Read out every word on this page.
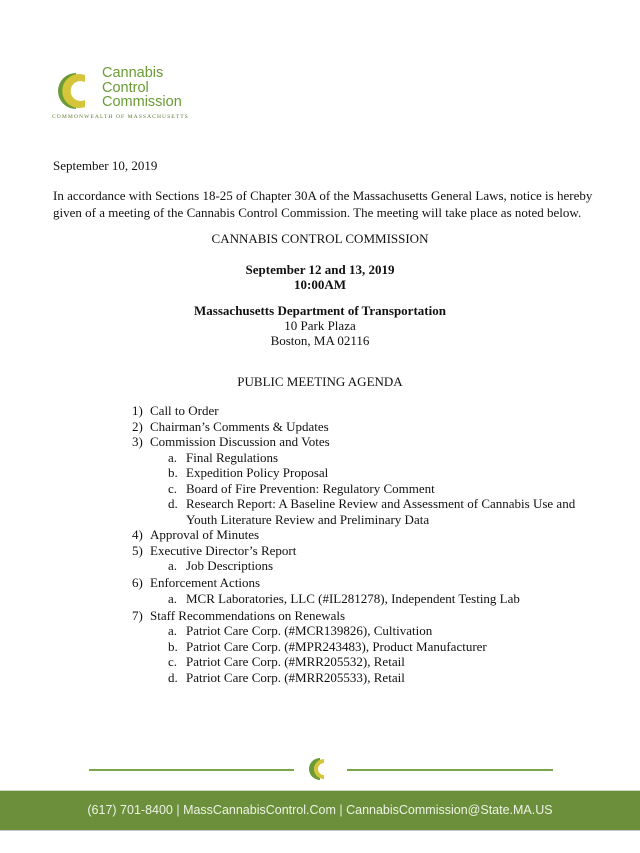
Cannabis
Control
Commission
COMMONWEALTH OF MASSACHUSETTS
September 10, 2019
In accordance with Sections 18-25 of Chapter 30A of the Massachusetts General Laws, notice is hereby given of a meeting of the Cannabis Control Commission. The meeting will take place as noted below.
CANNABIS CONTROL COMMISSION
September 12 and 13, 2019
10:00AM
Massachusetts Department of Transportation
10 Park Plaza
Boston, MA 02116
PUBLIC MEETING AGENDA
1) Call to Order
2) Chairman’s Comments & Updates
3) Commission Discussion and Votes
a. Final Regulations
b. Expedition Policy Proposal
c. Board of Fire Prevention: Regulatory Comment
d. Research Report: A Baseline Review and Assessment of Cannabis Use and Youth Literature Review and Preliminary Data
4) Approval of Minutes
5) Executive Director’s Report
a. Job Descriptions
6) Enforcement Actions
a. MCR Laboratories, LLC (#IL281278), Independent Testing Lab
7) Staff Recommendations on Renewals
a. Patriot Care Corp. (#MCR139826), Cultivation
b. Patriot Care Corp. (#MPR243483), Product Manufacturer
c. Patriot Care Corp. (#MRR205532), Retail
d. Patriot Care Corp. (#MRR205533), Retail
(617) 701-8400 | MassCannabisControl.Com | CannabisCommission@State.MA.US
